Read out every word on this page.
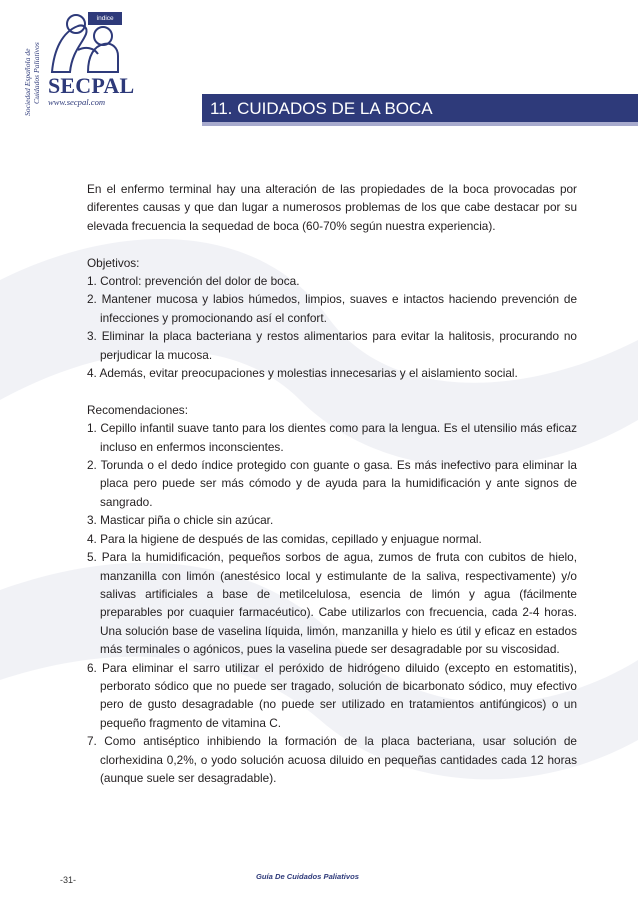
Sociedad Española de Cuidados Paliativos
índice
SECPAL
www.secpal.com	11. CUIDADOS DE LA BOCA

En el enfermo terminal hay una alteración de las propiedades de la boca provocadas por diferentes causas y que dan lugar a numerosos problemas de los que cabe destacar por su elevada frecuencia la sequedad de boca (60-70% según nuestra experiencia).

Objetivos:

1. Control: prevención del dolor de boca.

2. Mantener mucosa y labios húmedos, limpios, suaves e intactos haciendo prevención de infecciones y promocionando así el confort.

3. Eliminar la placa bacteriana y restos alimentarios para evitar la halitosis, procurando no perjudicar la mucosa.

4. Además, evitar preocupaciones y molestias innecesarias y el aislamiento social.

Recomendaciones:

1. Cepillo infantil suave tanto para los dientes como para la lengua. Es el utensilio más eficaz incluso en enfermos inconscientes.

2. Torunda o el dedo índice protegido con guante o gasa. Es más inefectivo para eliminar la placa pero puede ser más cómodo y de ayuda para la humidificación y ante signos de sangrado.

3. Masticar piña o chicle sin azúcar.

4. Para la higiene de después de las comidas, cepillado y enjuague normal.

5. Para la humidificación, pequeños sorbos de agua, zumos de fruta con cubitos de hielo, manzanilla con limón (anestésico local y estimulante de la saliva, respectivamente) y/o salivas artificiales a base de metilcelulosa, esencia de limón y agua (fácilmente preparables por cuaquier farmacéutico). Cabe utilizarlos con frecuencia, cada 2-4 horas. Una solución base de vaselina líquida, limón, manzanilla y hielo es útil y eficaz en estados más terminales o agónicos, pues la vaselina puede ser desagradable por su viscosidad.

6. Para eliminar el sarro utilizar el peróxido de hidrógeno diluido (excepto en estomatitis), perborato sódico que no puede ser tragado, solución de bicarbonato sódico, muy efectivo pero de gusto desagradable (no puede ser utilizado en tratamientos antifúngicos) o un pequeño fragmento de vitamina C.

7. Como antiséptico inhibiendo la formación de la placa bacteriana, usar solución de clorhexidina 0,2%, o yodo solución acuosa diluido en pequeñas cantidades cada 12 horas (aunque suele ser desagradable).

-31-	Guía De Cuidados Paliativos
